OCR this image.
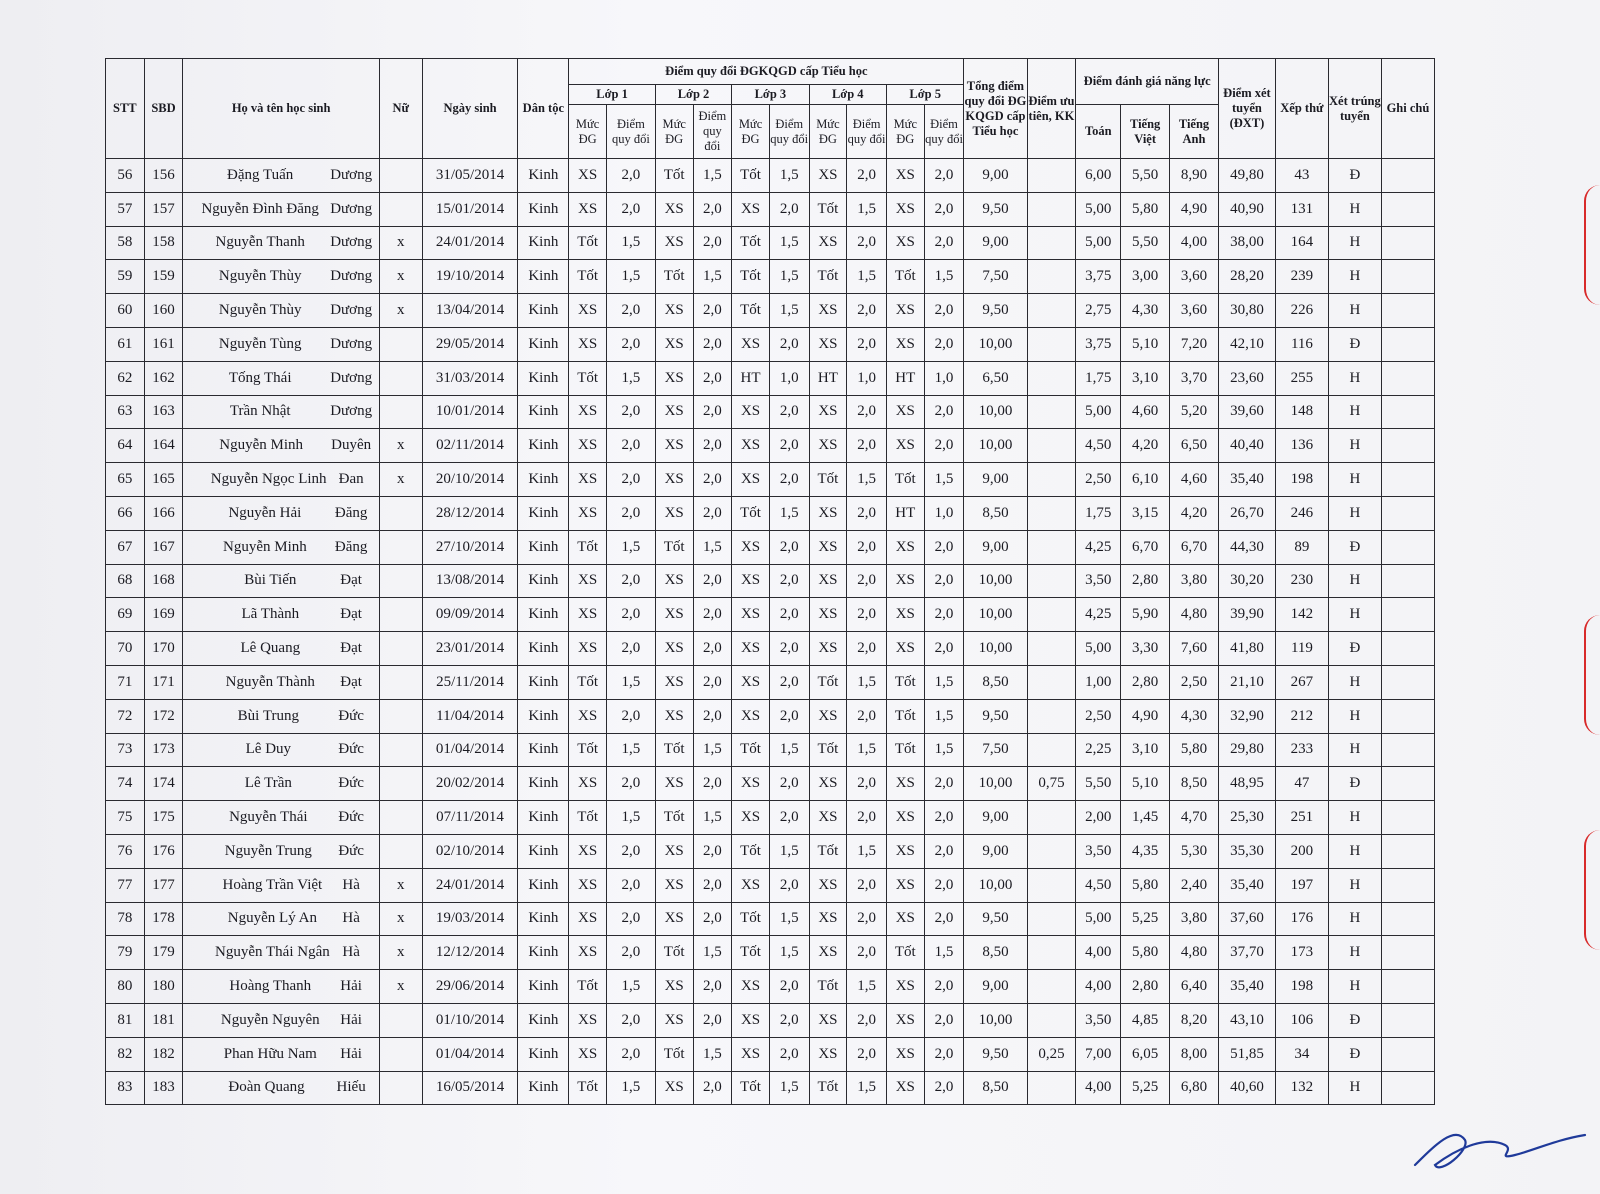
STT	SBD	Họ và tên học sinh	Nữ	Ngày sinh	Dân tộc	Điểm quy đổi ĐGKQGD cấp Tiểu học										Tổng điểm quy đổi ĐG KQGD cấp Tiểu học	Điểm ưu tiên, KK	Điểm đánh giá năng lực			Điểm xét tuyển (ĐXT)	Xếp thứ	Xét trúng tuyển	Ghi chú
						Lớp 1		Lớp 2		Lớp 3		Lớp 4		Lớp 5										
						Mức ĐG	Điểm quy đổi	Mức ĐG	Điểm quy đổi	Mức ĐG	Điểm quy đổi	Mức ĐG	Điểm quy đổi	Mức ĐG	Điểm quy đổi			Toán	Tiếng Việt	Tiếng Anh				
56	156	Đặng Tuấn Dương		31/05/2014	Kinh	XS	2,0	Tốt	1,5	Tốt	1,5	XS	2,0	XS	2,0	9,00		6,00	5,50	8,90	49,80	43	Đ	
57	157	Nguyễn Đình Đăng Dương		15/01/2014	Kinh	XS	2,0	XS	2,0	XS	2,0	Tốt	1,5	XS	2,0	9,50		5,00	5,80	4,90	40,90	131	H	
58	158	Nguyễn Thanh Dương	x	24/01/2014	Kinh	Tốt	1,5	XS	2,0	Tốt	1,5	XS	2,0	XS	2,0	9,00		5,00	5,50	4,00	38,00	164	H	
59	159	Nguyễn Thùy Dương	x	19/10/2014	Kinh	Tốt	1,5	Tốt	1,5	Tốt	1,5	Tốt	1,5	Tốt	1,5	7,50		3,75	3,00	3,60	28,20	239	H	
60	160	Nguyễn Thùy Dương	x	13/04/2014	Kinh	XS	2,0	XS	2,0	Tốt	1,5	XS	2,0	XS	2,0	9,50		2,75	4,30	3,60	30,80	226	H	
61	161	Nguyễn Tùng Dương		29/05/2014	Kinh	XS	2,0	XS	2,0	XS	2,0	XS	2,0	XS	2,0	10,00		3,75	5,10	7,20	42,10	116	Đ	
62	162	Tống Thái Dương		31/03/2014	Kinh	Tốt	1,5	XS	2,0	HT	1,0	HT	1,0	HT	1,0	6,50		1,75	3,10	3,70	23,60	255	H	
63	163	Trần Nhật Dương		10/01/2014	Kinh	XS	2,0	XS	2,0	XS	2,0	XS	2,0	XS	2,0	10,00		5,00	4,60	5,20	39,60	148	H	
64	164	Nguyễn Minh Duyên	x	02/11/2014	Kinh	XS	2,0	XS	2,0	XS	2,0	XS	2,0	XS	2,0	10,00		4,50	4,20	6,50	40,40	136	H	
65	165	Nguyễn Ngọc Linh Đan	x	20/10/2014	Kinh	XS	2,0	XS	2,0	XS	2,0	Tốt	1,5	Tốt	1,5	9,00		2,50	6,10	4,60	35,40	198	H	
66	166	Nguyễn Hải Đăng		28/12/2014	Kinh	XS	2,0	XS	2,0	Tốt	1,5	XS	2,0	HT	1,0	8,50		1,75	3,15	4,20	26,70	246	H	
67	167	Nguyễn Minh Đăng		27/10/2014	Kinh	Tốt	1,5	Tốt	1,5	XS	2,0	XS	2,0	XS	2,0	9,00		4,25	6,70	6,70	44,30	89	Đ	
68	168	Bùi Tiến Đạt		13/08/2014	Kinh	XS	2,0	XS	2,0	XS	2,0	XS	2,0	XS	2,0	10,00		3,50	2,80	3,80	30,20	230	H	
69	169	Lã Thành Đạt		09/09/2014	Kinh	XS	2,0	XS	2,0	XS	2,0	XS	2,0	XS	2,0	10,00		4,25	5,90	4,80	39,90	142	H	
70	170	Lê Quang Đạt		23/01/2014	Kinh	XS	2,0	XS	2,0	XS	2,0	XS	2,0	XS	2,0	10,00		5,00	3,30	7,60	41,80	119	Đ	
71	171	Nguyễn Thành Đạt		25/11/2014	Kinh	Tốt	1,5	XS	2,0	XS	2,0	Tốt	1,5	Tốt	1,5	8,50		1,00	2,80	2,50	21,10	267	H	
72	172	Bùi Trung Đức		11/04/2014	Kinh	XS	2,0	XS	2,0	XS	2,0	XS	2,0	Tốt	1,5	9,50		2,50	4,90	4,30	32,90	212	H	
73	173	Lê Duy Đức		01/04/2014	Kinh	Tốt	1,5	Tốt	1,5	Tốt	1,5	Tốt	1,5	Tốt	1,5	7,50		2,25	3,10	5,80	29,80	233	H	
74	174	Lê Trần Đức		20/02/2014	Kinh	XS	2,0	XS	2,0	XS	2,0	XS	2,0	XS	2,0	10,00	0,75	5,50	5,10	8,50	48,95	47	Đ	
75	175	Nguyễn Thái Đức		07/11/2014	Kinh	Tốt	1,5	Tốt	1,5	XS	2,0	XS	2,0	XS	2,0	9,00		2,00	1,45	4,70	25,30	251	H	
76	176	Nguyễn Trung Đức		02/10/2014	Kinh	XS	2,0	XS	2,0	Tốt	1,5	Tốt	1,5	XS	2,0	9,00		3,50	4,35	5,30	35,30	200	H	
77	177	Hoàng Trần Việt Hà	x	24/01/2014	Kinh	XS	2,0	XS	2,0	XS	2,0	XS	2,0	XS	2,0	10,00		4,50	5,80	2,40	35,40	197	H	
78	178	Nguyễn Lý An Hà	x	19/03/2014	Kinh	XS	2,0	XS	2,0	Tốt	1,5	XS	2,0	XS	2,0	9,50		5,00	5,25	3,80	37,60	176	H	
79	179	Nguyễn Thái Ngân Hà	x	12/12/2014	Kinh	XS	2,0	Tốt	1,5	Tốt	1,5	XS	2,0	Tốt	1,5	8,50		4,00	5,80	4,80	37,70	173	H	
80	180	Hoàng Thanh Hải	x	29/06/2014	Kinh	Tốt	1,5	XS	2,0	XS	2,0	Tốt	1,5	XS	2,0	9,00		4,00	2,80	6,40	35,40	198	H	
81	181	Nguyễn Nguyên Hải		01/10/2014	Kinh	XS	2,0	XS	2,0	XS	2,0	XS	2,0	XS	2,0	10,00		3,50	4,85	8,20	43,10	106	Đ	
82	182	Phan Hữu Nam Hải		01/04/2014	Kinh	XS	2,0	Tốt	1,5	XS	2,0	XS	2,0	XS	2,0	9,50	0,25	7,00	6,05	8,00	51,85	34	Đ	
83	183	Đoàn Quang Hiếu		16/05/2014	Kinh	Tốt	1,5	XS	2,0	Tốt	1,5	Tốt	1,5	XS	2,0	8,50		4,00	5,25	6,80	40,60	132	H	
